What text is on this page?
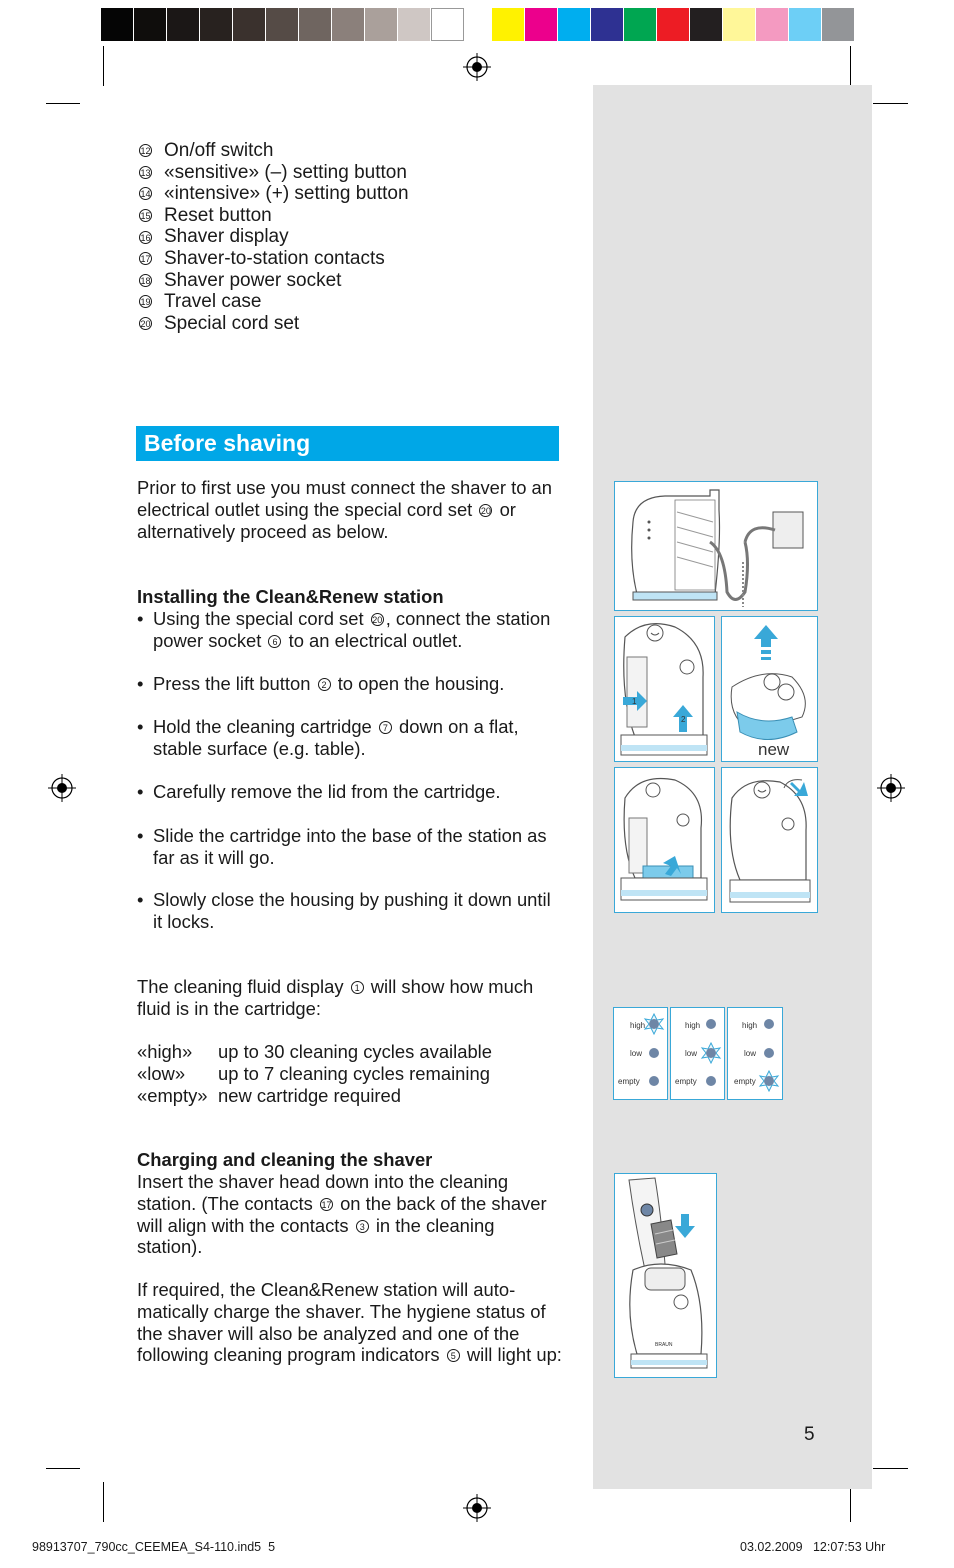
12 On/off switch
13 «sensitive» (–) setting button
14 «intensive» (+) setting button
15 Reset button
16 Shaver display
17 Shaver-to-station contacts
18 Shaver power socket
19 Travel case
20 Special cord set
Before shaving
Prior to first use you must connect the shaver to an electrical outlet using the special cord set 20 or alternatively proceed as below.
Installing the Clean&Renew station
• Using the special cord set 20 , connect the station power socket 6 to an electrical outlet.
• Press the lift button 2 to open the housing.
• Hold the cleaning cartridge 7 down on a flat, stable surface (e.g. table).
• Carefully remove the lid from the cartridge.
• Slide the cartridge into the base of the station as far as it will go.
• Slowly close the housing by pushing it down until it locks.
The cleaning fluid display 1 will show how much fluid is in the cartridge:
«high»	up to 30 cleaning cycles available
«low»	up to 7 cleaning cycles remaining
«empty» new cartridge required
Charging and cleaning the shaver
Insert the shaver head down into the cleaning station. (The contacts 17 on the back of the shaver will align with the contacts 3 in the cleaning station).
If required, the Clean&Renew station will auto-matically charge the shaver. The hygiene status of the shaver will also be analyzed and one of the following cleaning program indicators 5 will light up:
1
2
new
high
low
empty
high
low
empty
high
low
empty
BRAUN
5
98913707_790cc_CEEMEA_S4-110.ind5 5	03.02.2009 12:07:53 Uhr
